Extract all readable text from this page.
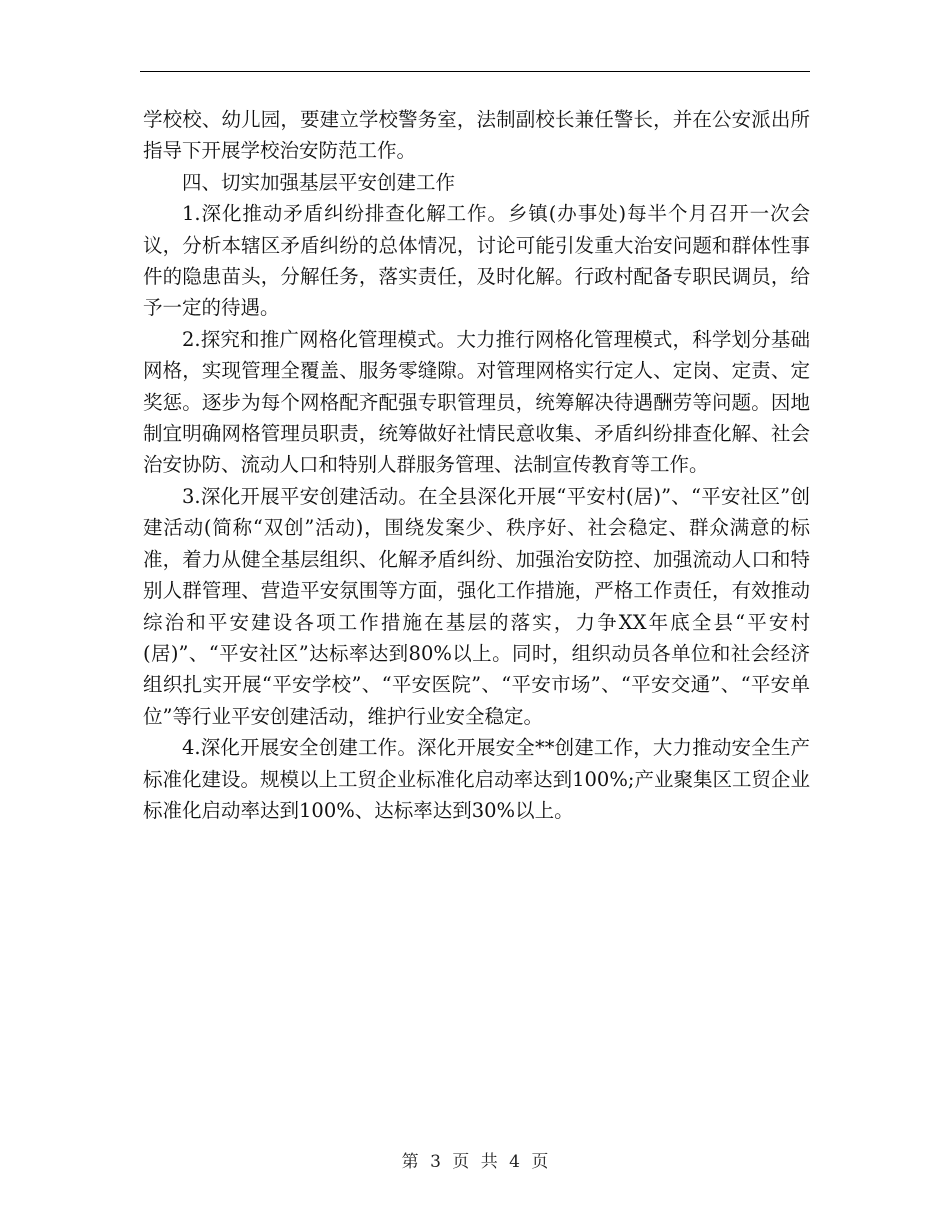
学校校、幼儿园，要建立学校警务室，法制副校长兼任警长，并在公安派出所指导下开展学校治安防范工作。

四、切实加强基层平安创建工作

1.深化推动矛盾纠纷排查化解工作。乡镇(办事处)每半个月召开一次会议，分析本辖区矛盾纠纷的总体情况，讨论可能引发重大治安问题和群体性事件的隐患苗头，分解任务，落实责任，及时化解。行政村配备专职民调员，给予一定的待遇。

2.探究和推广网格化管理模式。大力推行网格化管理模式，科学划分基础网格，实现管理全覆盖、服务零缝隙。对管理网格实行定人、定岗、定责、定奖惩。逐步为每个网格配齐配强专职管理员，统筹解决待遇酬劳等问题。因地制宜明确网格管理员职责，统筹做好社情民意收集、矛盾纠纷排查化解、社会治安协防、流动人口和特别人群服务管理、法制宣传教育等工作。

3.深化开展平安创建活动。在全县深化开展“平安村(居)”、“平安社区”创建活动(简称“双创”活动)，围绕发案少、秩序好、社会稳定、群众满意的标准，着力从健全基层组织、化解矛盾纠纷、加强治安防控、加强流动人口和特别人群管理、营造平安氛围等方面，强化工作措施，严格工作责任，有效推动综治和平安建设各项工作措施在基层的落实，力争XX年底全县“平安村(居)”、“平安社区”达标率达到80%以上。同时，组织动员各单位和社会经济组织扎实开展“平安学校”、“平安医院”、“平安市场”、“平安交通”、“平安单位”等行业平安创建活动，维护行业安全稳定。

4.深化开展安全创建工作。深化开展安全**创建工作，大力推动安全生产标准化建设。规模以上工贸企业标准化启动率达到100%;产业聚集区工贸企业标准化启动率达到100%、达标率达到30%以上。

第 3 页 共 4 页
